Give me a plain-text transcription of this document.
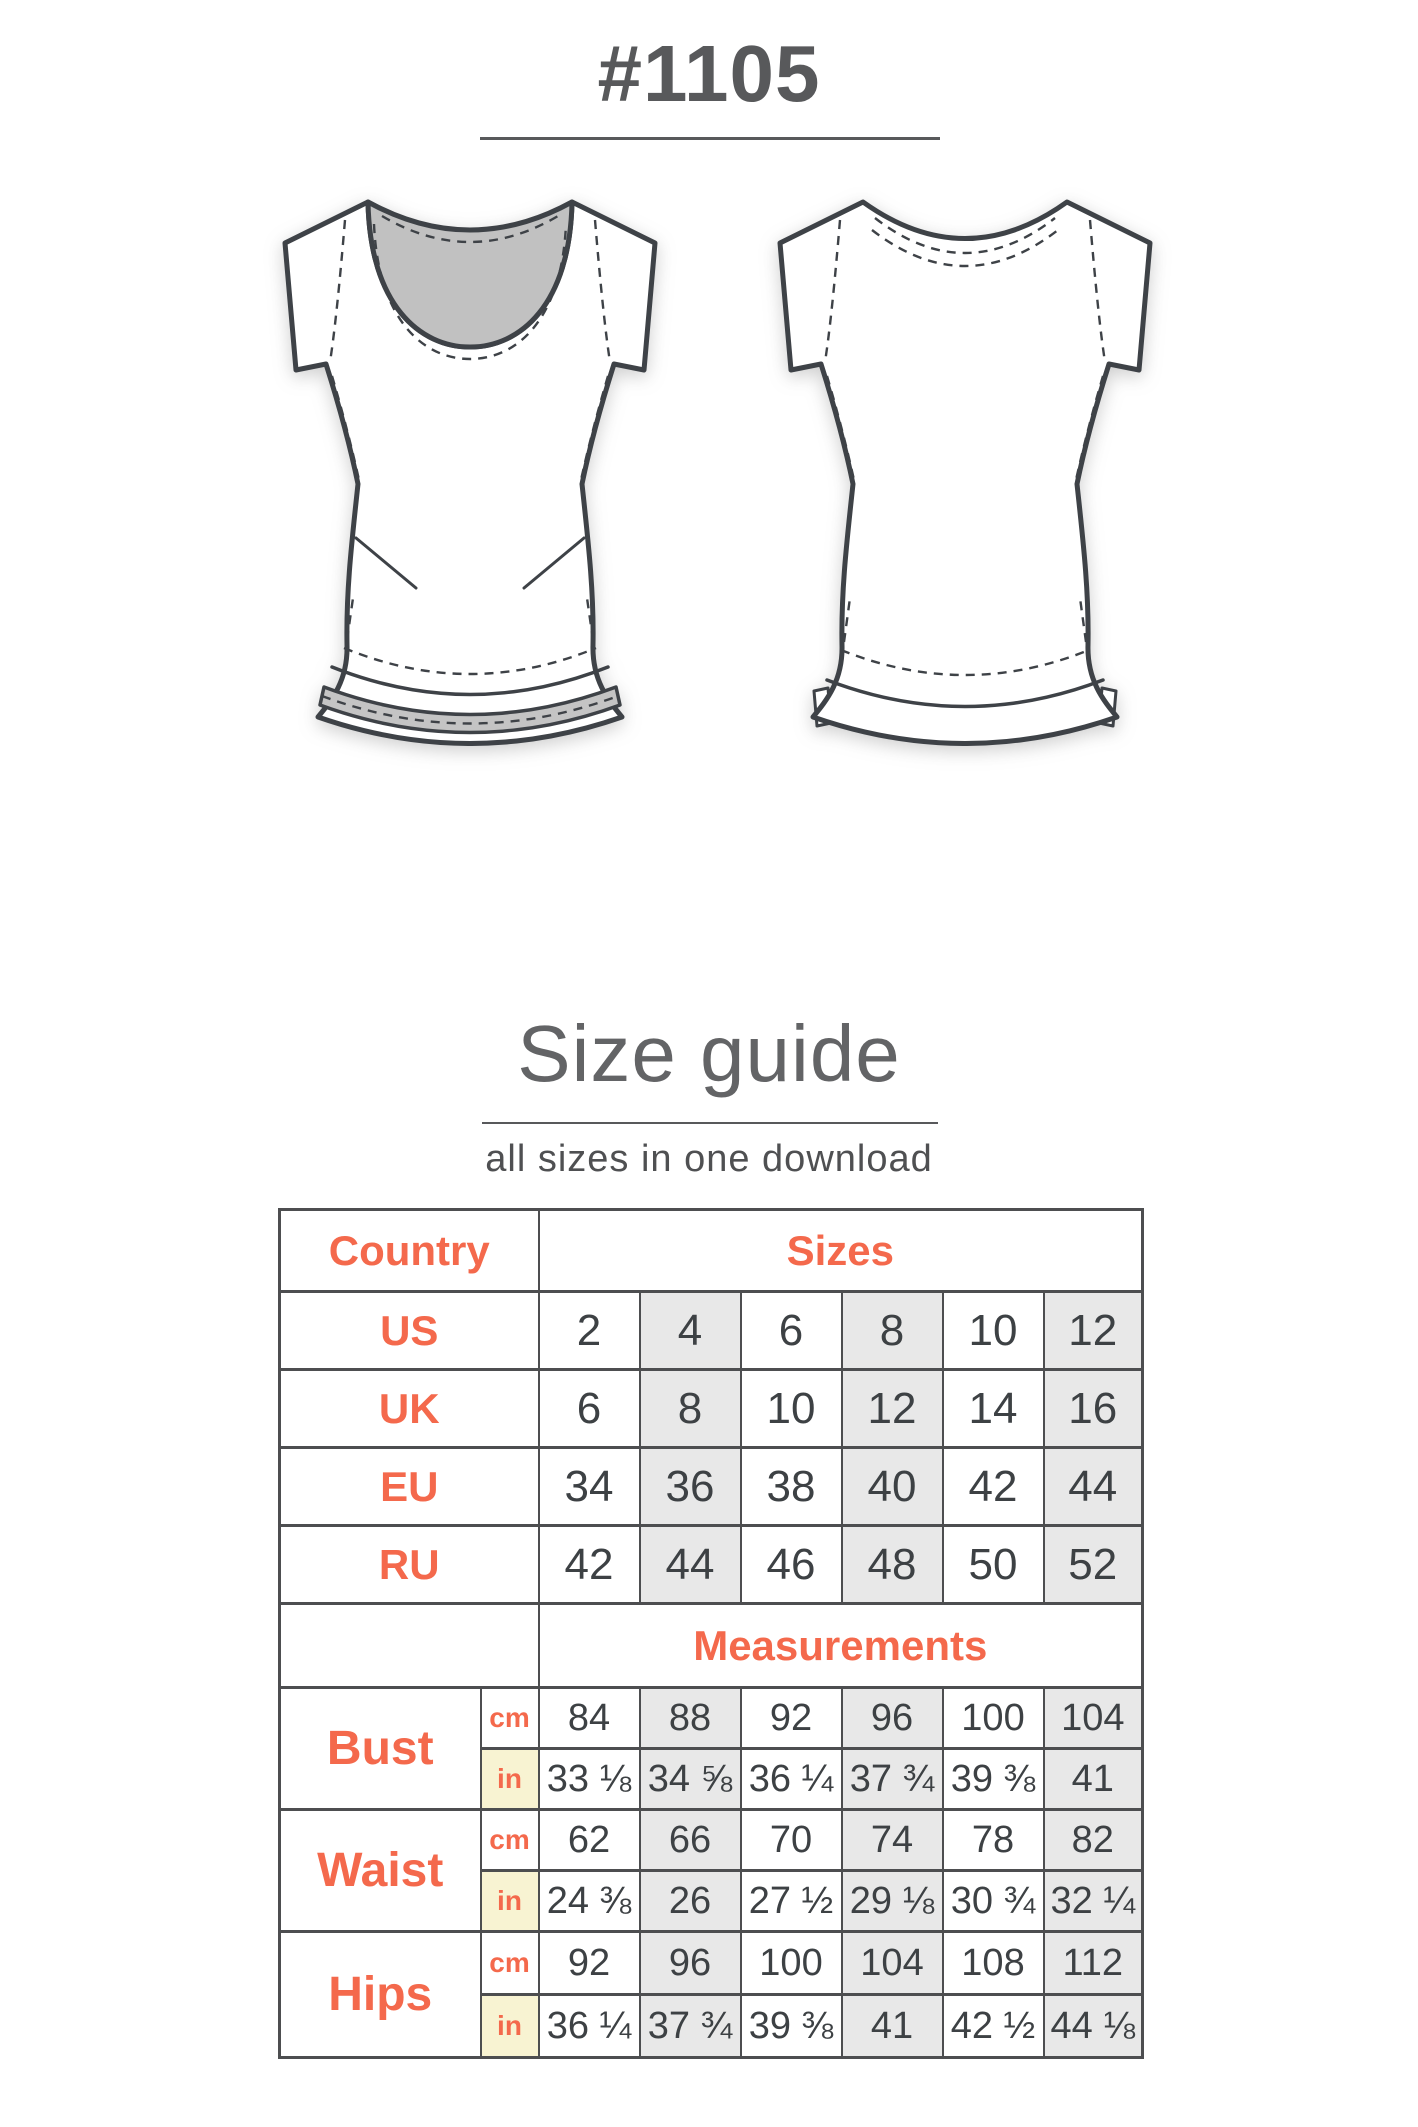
#1105
Size guide
all sizes in one download
Country		Sizes					
US		2	4	6	8	10	12
UK		6	8	10	12	14	16
EU		34	36	38	40	42	44
RU		42	44	46	48	50	52
		Measurements					
Bust	cm	84	88	92	96	100	104
	in	33 ⅛	34 ⅝	36 ¼	37 ¾	39 ⅜	41
Waist	cm	62	66	70	74	78	82
	in	24 ⅜	26	27 ½	29 ⅛	30 ¾	32 ¼
Hips	cm	92	96	100	104	108	112
	in	36 ¼	37 ¾	39 ⅜	41	42 ½	44 ⅛
